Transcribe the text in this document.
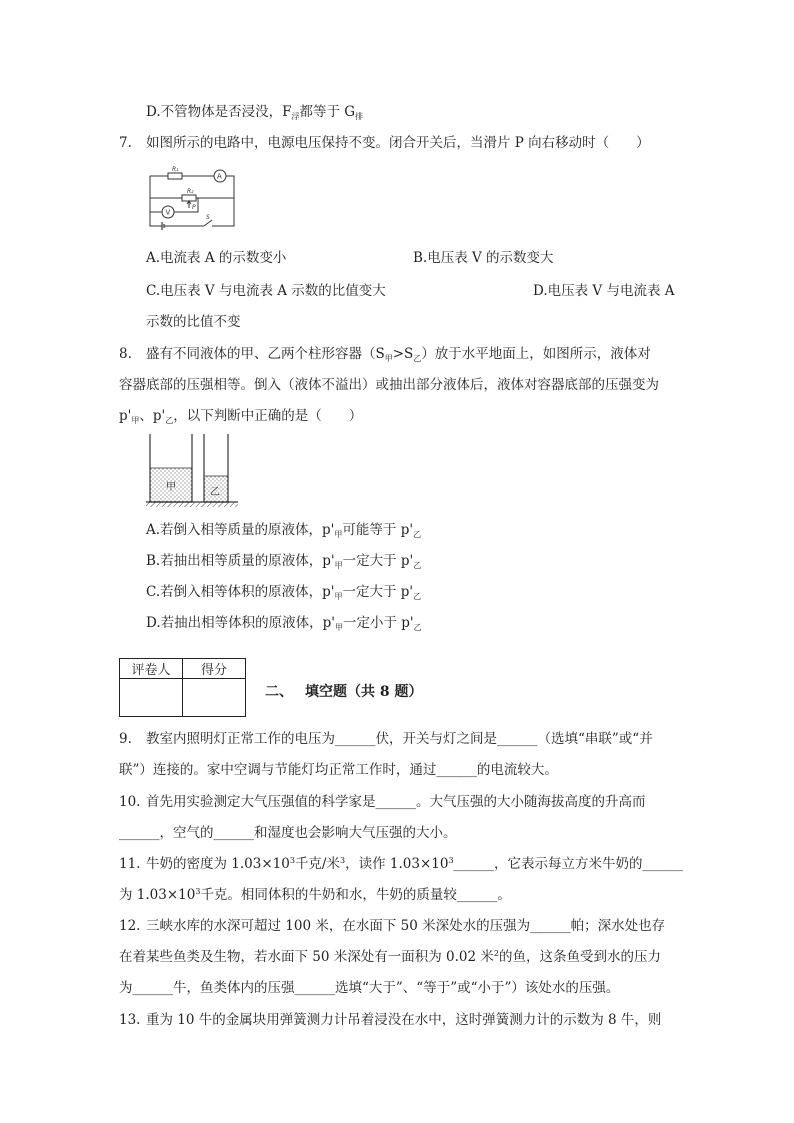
D.不管物体是否浸没，$F_浮$都等于 $G_排$
7. 如图所示的电路中，电源电压保持不变。闭合开关后，当滑片 P 向右移动时（　　）
R₁
A
R₂
P
V
S
A.电流表 A 的示数变小	B.电压表 V 的示数变大
C.电压表 V 与电流表 A 示数的比值变大	D.电压表 V 与电流表 A
示数的比值不变
8. 盛有不同液体的甲、乙两个柱形容器$(S_甲>S_乙)$放于水平地面上，如图所示，液体对
容器底部的压强相等。倒入（液体不溢出）或抽出部分液体后，液体对容器底部的压强变为
$p'_甲$、$p'_乙$，以下判断中正确的是（　　）
甲	乙
A.若倒入相等质量的原液体，$p'_甲$可能等于 $p'_乙$
B.若抽出相等质量的原液体，$p'_甲$一定大于 $p'_乙$
C.若倒入相等体积的原液体，$p'_甲$一定大于 $p'_乙$
D.若抽出相等体积的原液体，$p'_甲$一定小于 $p'_乙$
评卷人	得分

二、 填空题（共 8 题）
9. 教室内照明灯正常工作的电压为______伏，开关与灯之间是______（选填“串联”或“并
联”）连接的。家中空调与节能灯均正常工作时，通过______的电流较大。
10. 首先用实验测定大气压强值的科学家是______。大气压强的大小随海拔高度的升高而
______，空气的______和湿度也会影响大气压强的大小。
11. 牛奶的密度为 $1.03\times 10^3$千克/米$^3$，读作 $1.03\times 10^3\_\_\_\_\_\_$，它表示每立方米牛奶的______
为 $1.03\times 10^3$千克。相同体积的牛奶和水，牛奶的质量较______。
12. 三峡水库的水深可超过 100 米，在水面下 50 米深处水的压强为______帕；深水处也存
在着某些鱼类及生物，若水面下 50 米深处有一面积为 0.02 米$^2$的鱼，这条鱼受到水的压力
为______牛，鱼类体内的压强______选填“大于”、“等于”或“小于”）该处水的压强。
13. 重为 10 牛的金属块用弹簧测力计吊着浸没在水中，这时弹簧测力计的示数为 8 牛，则
